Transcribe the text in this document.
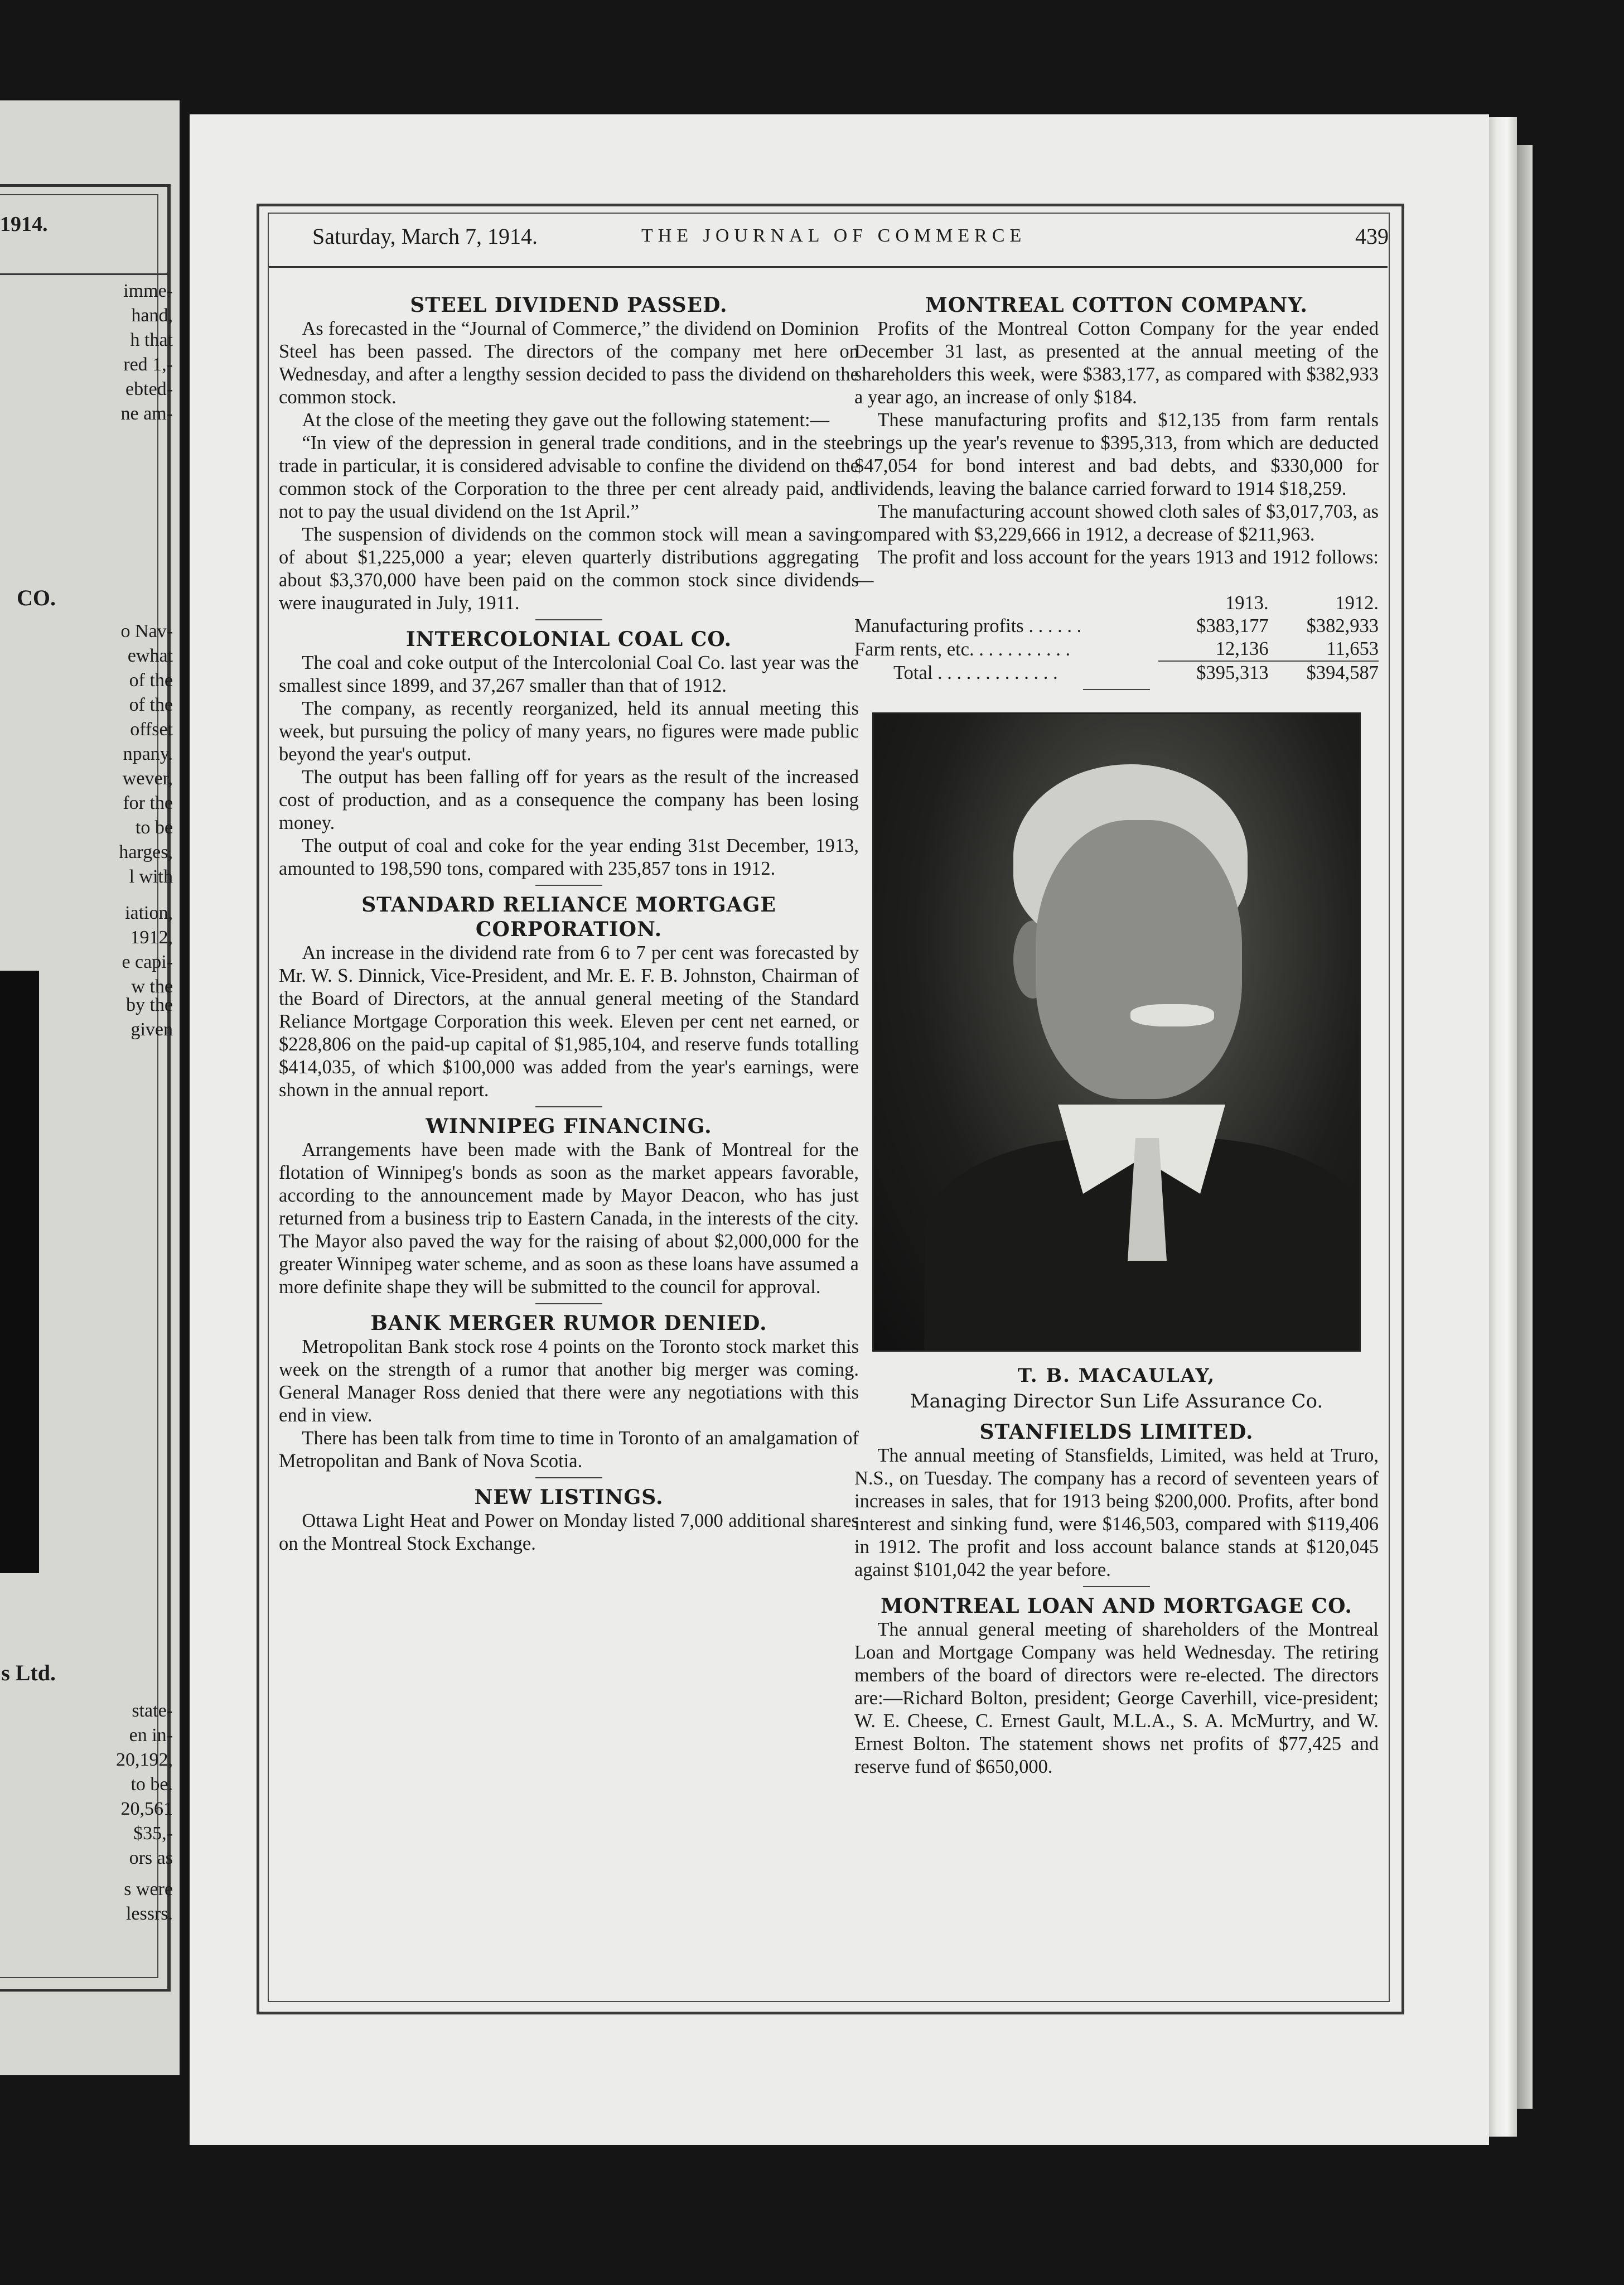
1914.
imme-
hand,
h that
red 1,-
ebted-
ne am-
CO.
o Nav-
ewhat
of the
of the
offset
npany.
wever,
for the
to be
harges,
l with
iation,
1912,
e capi-
w the
by the
given
s Ltd.
state-
en in-
20,192,
to be.
20,561
$35,-
ors as
s were
lessrs.
Saturday, March 7, 1914.	THE JOURNAL OF COMMERCE	439
STEEL DIVIDEND PASSED.

As forecasted in the “Journal of Commerce,” the dividend on Dominion Steel has been passed. The directors of the company met here on Wednesday, and after a lengthy session decided to pass the dividend on the common stock.

At the close of the meeting they gave out the following statement:—

“In view of the depression in general trade conditions, and in the steel trade in particular, it is considered advisable to confine the dividend on the common stock of the Corporation to the three per cent already paid, and not to pay the usual dividend on the 1st April.”

The suspension of dividends on the common stock will mean a saving of about $1,225,000 a year; eleven quarterly distributions aggregating about $3,370,000 have been paid on the common stock since dividends were inaugurated in July, 1911.

INTERCOLONIAL COAL CO.

The coal and coke output of the Intercolonial Coal Co. last year was the smallest since 1899, and 37,267 smaller than that of 1912.

The company, as recently reorganized, held its annual meeting this week, but pursuing the policy of many years, no figures were made public beyond the year's output.

The output has been falling off for years as the result of the increased cost of production, and as a consequence the company has been losing money.

The output of coal and coke for the year ending 31st December, 1913, amounted to 198,590 tons, compared with 235,857 tons in 1912.

STANDARD RELIANCE MORTGAGE CORPORATION.

An increase in the dividend rate from 6 to 7 per cent was forecasted by Mr. W. S. Dinnick, Vice-President, and Mr. E. F. B. Johnston, Chairman of the Board of Directors, at the annual general meeting of the Standard Reliance Mortgage Corporation this week. Eleven per cent net earned, or $228,806 on the paid-up capital of $1,985,104, and reserve funds totalling $414,035, of which $100,000 was added from the year's earnings, were shown in the annual report.

WINNIPEG FINANCING.

Arrangements have been made with the Bank of Montreal for the flotation of Winnipeg's bonds as soon as the market appears favorable, according to the announcement made by Mayor Deacon, who has just returned from a business trip to Eastern Canada, in the interests of the city. The Mayor also paved the way for the raising of about $2,000,000 for the greater Winnipeg water scheme, and as soon as these loans have assumed a more definite shape they will be submitted to the council for approval.

BANK MERGER RUMOR DENIED.

Metropolitan Bank stock rose 4 points on the Toronto stock market this week on the strength of a rumor that another big merger was coming. General Manager Ross denied that there were any negotiations with this end in view.

There has been talk from time to time in Toronto of an amalgamation of Metropolitan and Bank of Nova Scotia.

NEW LISTINGS.

Ottawa Light Heat and Power on Monday listed 7,000 additional shares on the Montreal Stock Exchange.

MONTREAL COTTON COMPANY.

Profits of the Montreal Cotton Company for the year ended December 31 last, as presented at the annual meeting of the shareholders this week, were $383,177, as compared with $382,933 a year ago, an increase of only $184.

These manufacturing profits and $12,135 from farm rentals brings up the year's revenue to $395,313, from which are deducted $47,054 for bond interest and bad debts, and $330,000 for dividends, leaving the balance carried forward to 1914 $18,259.

The manufacturing account showed cloth sales of $3,017,703, as compared with $3,229,666 in 1912, a decrease of $211,963.

The profit and loss account for the years 1913 and 1912 follows:—

	1913.	1912.
Manufacturing profits . . . . . .	$383,177	$382,933
Farm rents, etc. . . . . . . . . . .	12,136	11,653

Total . . . . . . . . . . . . .	$395,313	$394,587

T. B. MACAULAY,

Managing Director Sun Life Assurance Co.

STANFIELDS LIMITED.

The annual meeting of Stansfields, Limited, was held at Truro, N.S., on Tuesday. The company has a record of seventeen years of increases in sales, that for 1913 being $200,000. Profits, after bond interest and sinking fund, were $146,503, compared with $119,406 in 1912. The profit and loss account balance stands at $120,045 against $101,042 the year before.

MONTREAL LOAN AND MORTGAGE CO.

The annual general meeting of shareholders of the Montreal Loan and Mortgage Company was held Wednesday. The retiring members of the board of directors were re-elected. The directors are:—Richard Bolton, president; George Caverhill, vice-president; W. E. Cheese, C. Ernest Gault, M.L.A., S. A. McMurtry, and W. Ernest Bolton. The statement shows net profits of $77,425 and reserve fund of $650,000.
